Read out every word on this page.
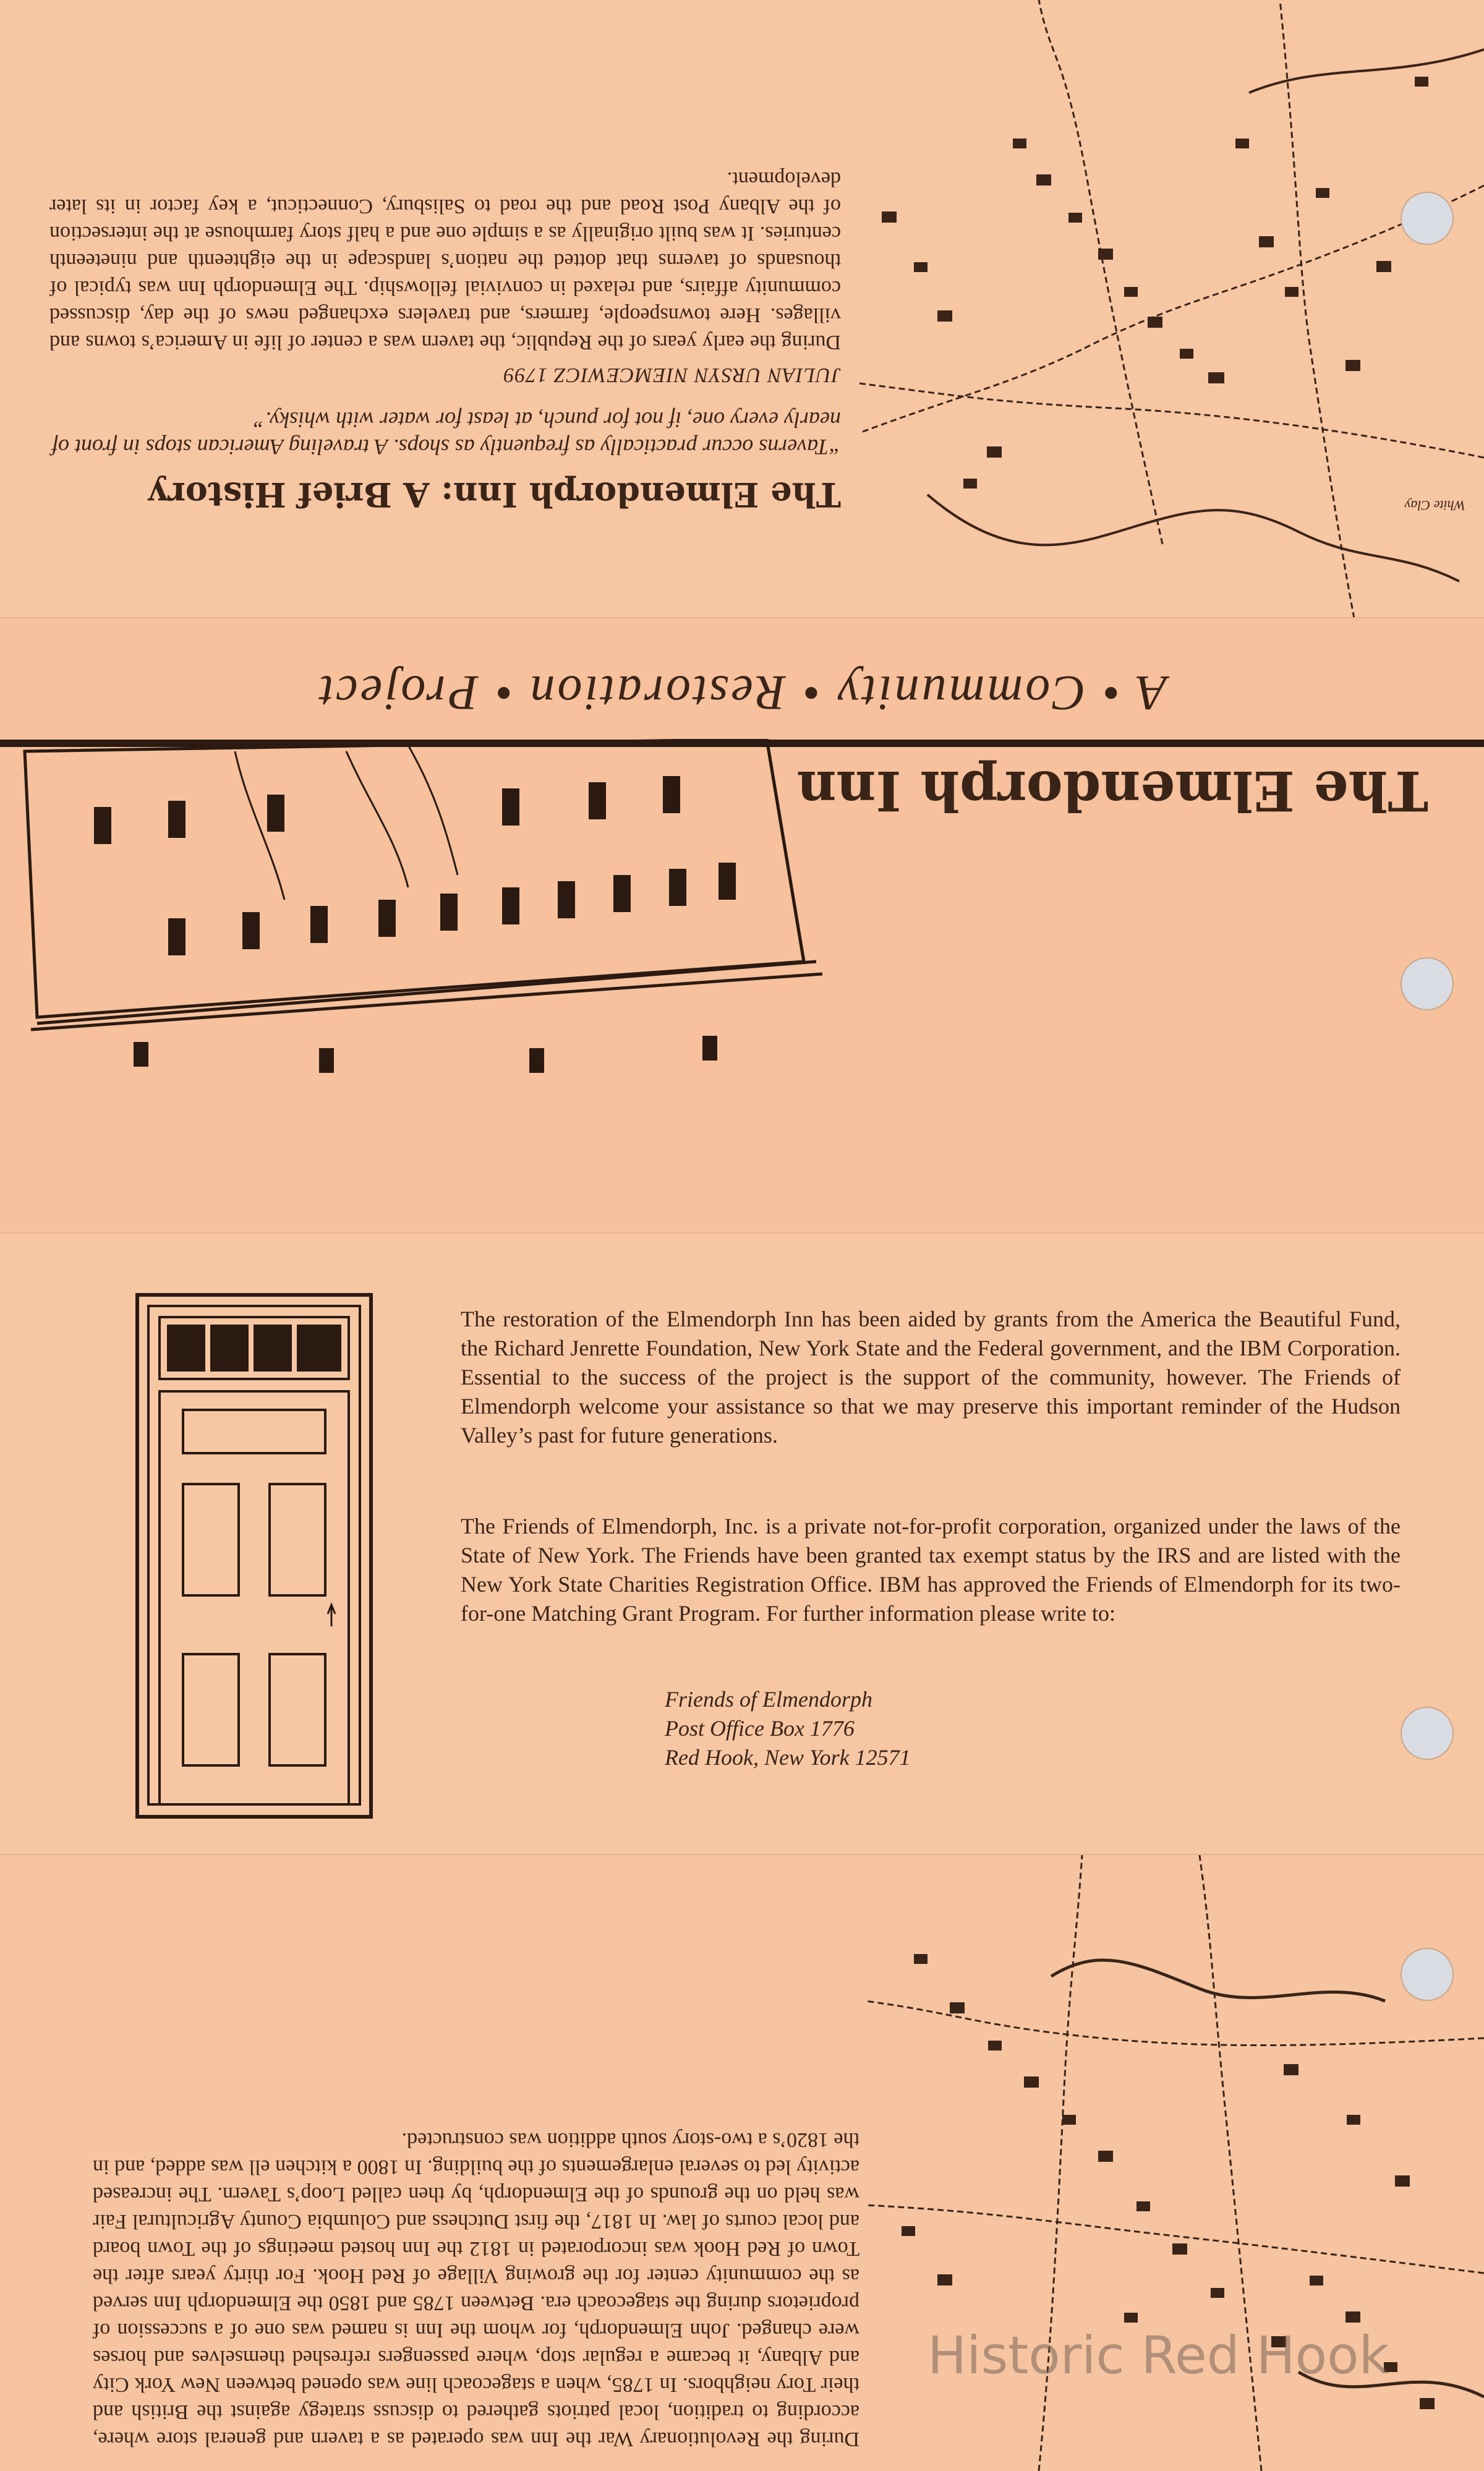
The Elmendorph Inn: A Brief History
“Taverns occur practically as frequently as shops. A traveling American stops in front of nearly every one, if not for punch, at least for water with whisky.”
JULIAN URSYN NIEMCEWICZ 1799
During the early years of the Republic, the tavern was a center of life in America’s towns and villages. Here townspeople, farmers, and travelers exchanged news of the day, discussed community affairs, and relaxed in convivial fellowship. The Elmendorph Inn was typical of thousands of taverns that dotted the nation’s landscape in the eighteenth and nineteenth centuries. It was built originally as a simple one and a half story farmhouse at the intersection of the Albany Post Road and the road to Salisbury, Connecticut, a key factor in its later development.
White Clay
A • Community • Restoration • Project
The Elmendorph Inn
The restoration of the Elmendorph Inn has been aided by grants from the America the Beautiful Fund, the Richard Jenrette Foundation, New York State and the Federal government, and the IBM Corporation. Essential to the success of the project is the support of the community, however. The Friends of Elmendorph welcome your assistance so that we may preserve this important reminder of the Hudson Valley’s past for future generations.
The Friends of Elmendorph, Inc. is a private not-for-profit corporation, organized under the laws of the State of New York. The Friends have been granted tax exempt status by the IRS and are listed with the New York State Charities Registration Office. IBM has approved the Friends of Elmendorph for its two-for-one Matching Grant Program. For further information please write to:
Friends of Elmendorph
Post Office Box 1776
Red Hook, New York 12571
During the Revolutionary War the Inn was operated as a tavern and general store where, according to tradition, local patriots gathered to discuss strategy against the British and their Tory neighbors. In 1785, when a stagecoach line was opened between New York City and Albany, it became a regular stop, where passengers refreshed themselves and horses were changed. John Elmendorph, for whom the Inn is named was one of a succession of proprietors during the stagecoach era. Between 1785 and 1850 the Elmendorph Inn served as the community center for the growing Village of Red Hook. For thirty years after the Town of Red Hook was incorporated in 1812 the Inn hosted meetings of the Town board and local courts of law. In 1817, the first Dutchess and Columbia County Agricultural Fair was held on the grounds of the Elmendorph, by then called Loop’s Tavern. The increased activity led to several enlargements of the building. In 1800 a kitchen ell was added, and in the 1820’s a two-story south addition was constructed.
Historic Red Hook
